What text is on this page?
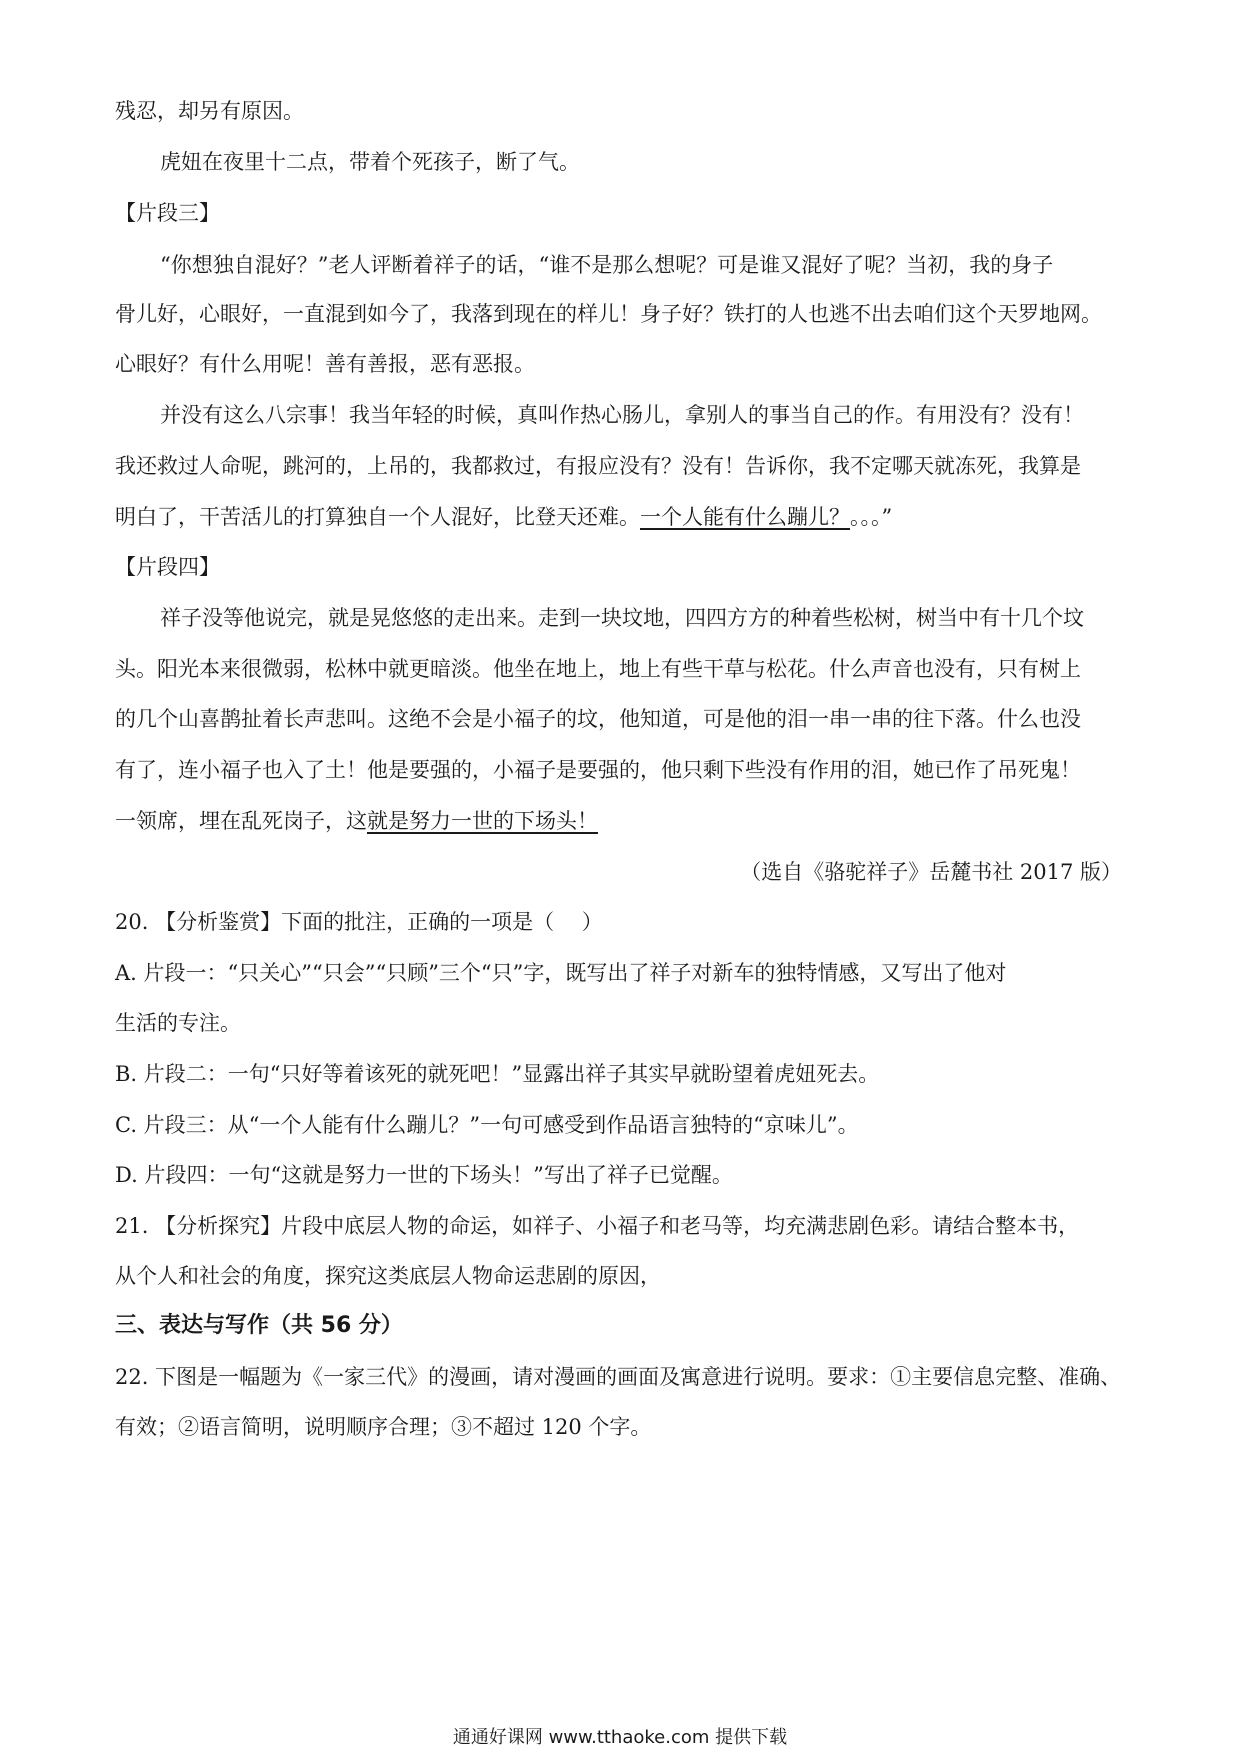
残忍，却另有原因。
虎妞在夜里十二点，带着个死孩子，断了气。
【片段三】
“你想独自混好？”老人评断着祥子的话，“谁不是那么想呢？可是谁又混好了呢？当初，我的身子
骨儿好，心眼好，一直混到如今了，我落到现在的样儿！身子好？铁打的人也逃不出去咱们这个天罗地网。
心眼好？有什么用呢！善有善报，恶有恶报。
并没有这么八宗事！我当年轻的时候，真叫作热心肠儿，拿别人的事当自己的作。有用没有？没有！
我还救过人命呢，跳河的，上吊的，我都救过，有报应没有？没有！告诉你，我不定哪天就冻死，我算是
明白了，干苦活儿的打算独自一个人混好，比登天还难。一个人能有什么蹦儿？。。。”
【片段四】
祥子没等他说完，就是晃悠悠的走出来。走到一块坟地，四四方方的种着些松树，树当中有十几个坟
头。阳光本来很微弱，松林中就更暗淡。他坐在地上，地上有些干草与松花。什么声音也没有，只有树上
的几个山喜鹊扯着长声悲叫。这绝不会是小福子的坟，他知道，可是他的泪一串一串的往下落。什么也没
有了，连小福子也入了土！他是要强的，小福子是要强的，他只剩下些没有作用的泪，她已作了吊死鬼！
一领席，埋在乱死岗子，这就是努力一世的下场头！
（选自《骆驼祥子》岳麓书社 2017 版）
20. 【分析鉴赏】下面的批注，正确的一项是（　 ）
A. 片段一：“只关心”“只会”“只顾”三个“只”字，既写出了祥子对新车的独特情感，又写出了他对
生活的专注。
B. 片段二：一句“只好等着该死的就死吧！”显露出祥子其实早就盼望着虎妞死去。
C. 片段三：从“一个人能有什么蹦儿？”一句可感受到作品语言独特的“京味儿”。
D. 片段四：一句“这就是努力一世的下场头！”写出了祥子已觉醒。
21. 【分析探究】片段中底层人物的命运，如祥子、小福子和老马等，均充满悲剧色彩。请结合整本书，
从个人和社会的角度，探究这类底层人物命运悲剧的原因，
三、表达与写作（共 56 分）
22. 下图是一幅题为《一家三代》的漫画，请对漫画的画面及寓意进行说明。要求：①主要信息完整、准确、
有效；②语言简明，说明顺序合理；③不超过 120 个字。
通通好课网 www.tthaoke.com 提供下载
